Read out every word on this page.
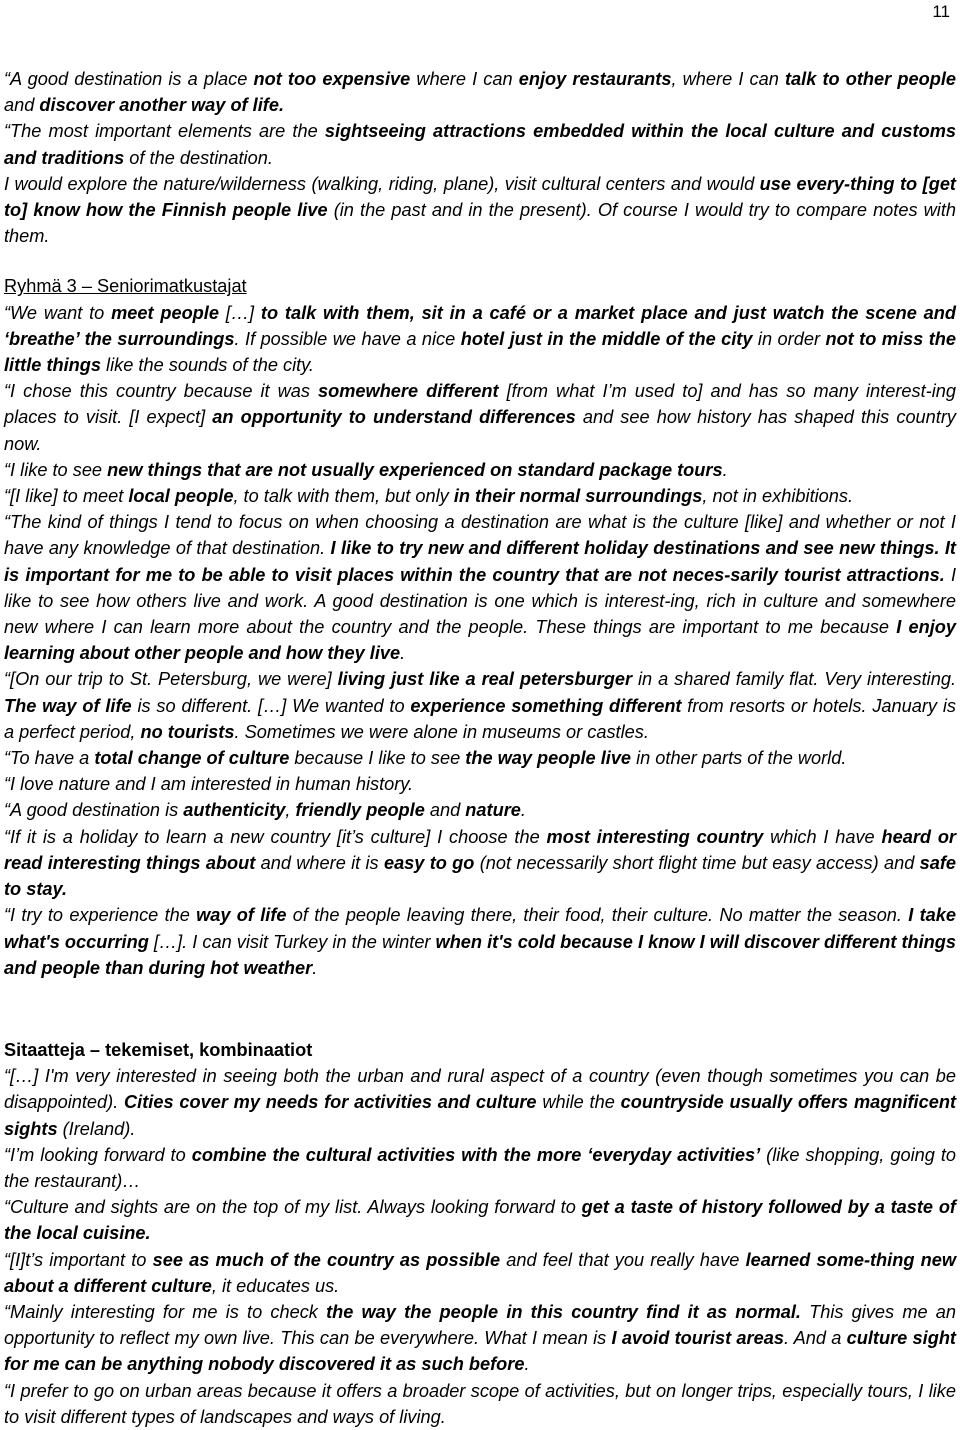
11
“A good destination is a place not too expensive where I can enjoy restaurants, where I can talk to other people and discover another way of life.
“The most important elements are the sightseeing attractions embedded within the local culture and customs and traditions of the destination.
I would explore the nature/wilderness (walking, riding, plane), visit cultural centers and would use every-thing to [get to] know how the Finnish people live (in the past and in the present). Of course I would try to compare notes with them.
Ryhmä 3 – Seniorimatkustajat
“We want to meet people […] to talk with them, sit in a café or a market place and just watch the scene and ‘breathe’ the surroundings. If possible we have a nice hotel just in the middle of the city in order not to miss the little things like the sounds of the city.
“I chose this country because it was somewhere different [from what I’m used to] and has so many interest-ing places to visit. [I expect] an opportunity to understand differences and see how history has shaped this country now.
“I like to see new things that are not usually experienced on standard package tours.
“[I like] to meet local people, to talk with them, but only in their normal surroundings, not in exhibitions.
“The kind of things I tend to focus on when choosing a destination are what is the culture [like] and whether or not I have any knowledge of that destination. I like to try new and different holiday destinations and see new things. It is important for me to be able to visit places within the country that are not neces-sarily tourist attractions. I like to see how others live and work. A good destination is one which is interest-ing, rich in culture and somewhere new where I can learn more about the country and the people. These things are important to me because I enjoy learning about other people and how they live.
“[On our trip to St. Petersburg, we were] living just like a real petersburger in a shared family flat. Very interesting. The way of life is so different. […] We wanted to experience something different from resorts or hotels. January is a perfect period, no tourists. Sometimes we were alone in museums or castles.
“To have a total change of culture because I like to see the way people live in other parts of the world.
“I love nature and I am interested in human history.
“A good destination is authenticity, friendly people and nature.
“If it is a holiday to learn a new country [it’s culture] I choose the most interesting country which I have heard or read interesting things about and where it is easy to go (not necessarily short flight time but easy access) and safe to stay.
“I try to experience the way of life of the people leaving there, their food, their culture. No matter the season. I take what's occurring […]. I can visit Turkey in the winter when it's cold because I know I will discover different things and people than during hot weather.
Sitaatteja – tekemiset, kombinaatiot
“[…] I'm very interested in seeing both the urban and rural aspect of a country (even though sometimes you can be disappointed). Cities cover my needs for activities and culture while the countryside usually offers magnificent sights (Ireland).
“I’m looking forward to combine the cultural activities with the more ‘everyday activities’ (like shopping, going to the restaurant)…
“Culture and sights are on the top of my list. Always looking forward to get a taste of history followed by a taste of the local cuisine.
“[I]t’s important to see as much of the country as possible and feel that you really have learned some-thing new about a different culture, it educates us.
“Mainly interesting for me is to check the way the people in this country find it as normal. This gives me an opportunity to reflect my own live. This can be everywhere. What I mean is I avoid tourist areas. And a culture sight for me can be anything nobody discovered it as such before.
“I prefer to go on urban areas because it offers a broader scope of activities, but on longer trips, especially tours, I like to visit different types of landscapes and ways of living.
